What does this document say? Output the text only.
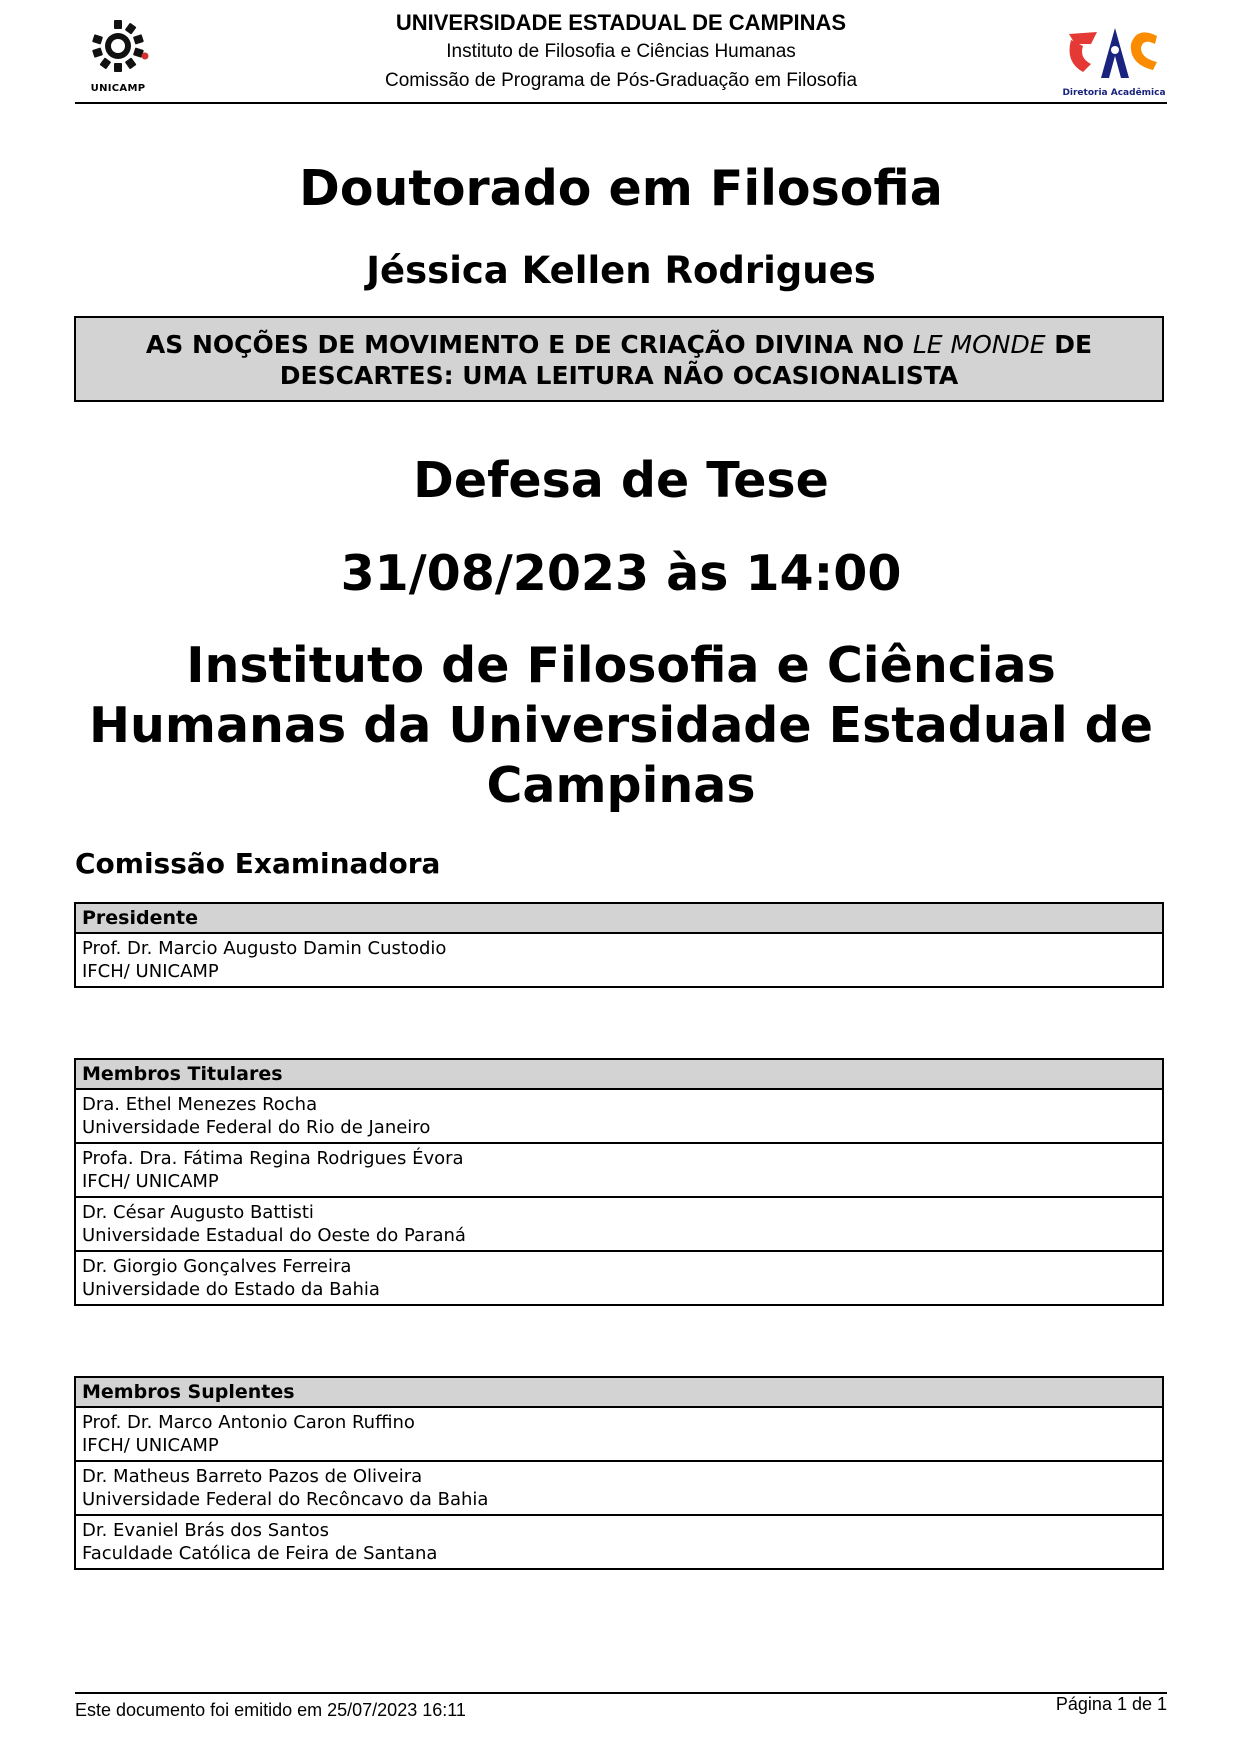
UNICAMP
UNIVERSIDADE ESTADUAL DE CAMPINAS
Instituto de Filosofia e Ciências Humanas
Comissão de Programa de Pós-Graduação em Filosofia
Diretoria Acadêmica
Doutorado em Filosofia
Jéssica Kellen Rodrigues
AS NOÇÕES DE MOVIMENTO E DE CRIAÇÃO DIVINA NO LE MONDE DE DESCARTES: UMA LEITURA NÃO OCASIONALISTA
Defesa de Tese
31/08/2023 às 14:00
Instituto de Filosofia e Ciências Humanas da Universidade Estadual de Campinas
Comissão Examinadora
Presidente
Prof. Dr. Marcio Augusto Damin Custodio
IFCH/ UNICAMP
Membros Titulares
Dra. Ethel Menezes Rocha
Universidade Federal do Rio de Janeiro
Profa. Dra. Fátima Regina Rodrigues Évora
IFCH/ UNICAMP
Dr. César Augusto Battisti
Universidade Estadual do Oeste do Paraná
Dr. Giorgio Gonçalves Ferreira
Universidade do Estado da Bahia
Membros Suplentes
Prof. Dr. Marco Antonio Caron Ruffino
IFCH/ UNICAMP
Dr. Matheus Barreto Pazos de Oliveira
Universidade Federal do Recôncavo da Bahia
Dr. Evaniel Brás dos Santos
Faculdade Católica de Feira de Santana
Este documento foi emitido em 25/07/2023 16:11	Página 1 de 1
